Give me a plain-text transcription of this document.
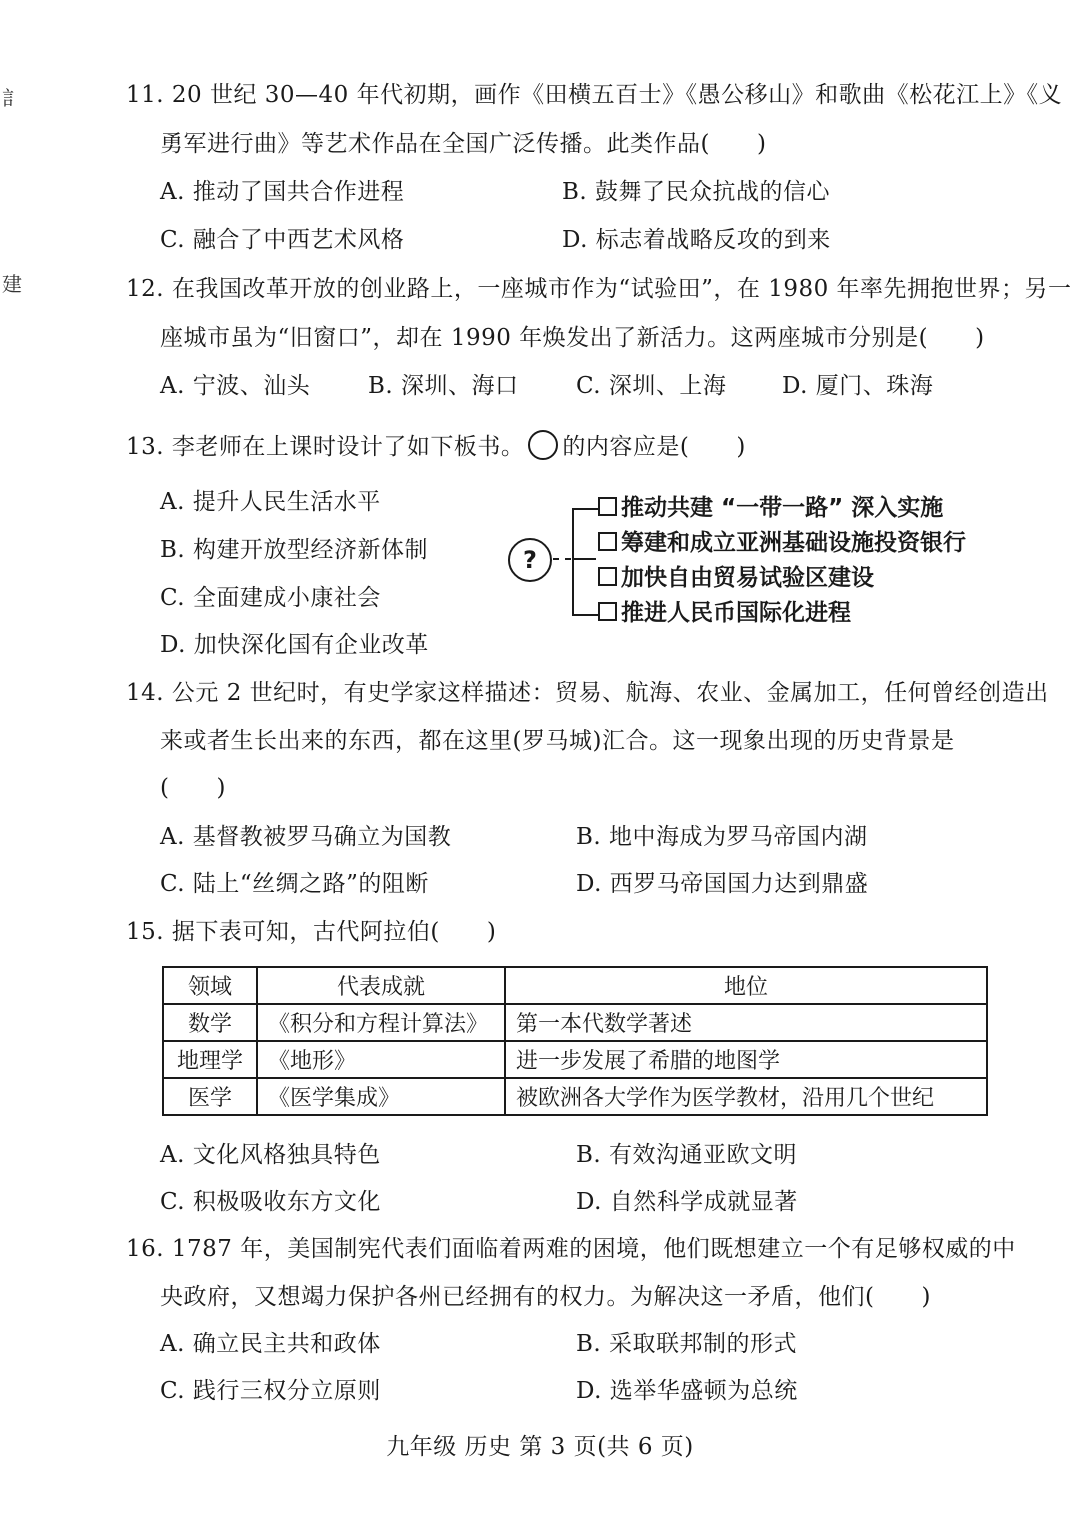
訁
建
11. 20 世纪 30—40 年代初期，画作《田横五百士》《愚公移山》和歌曲《松花江上》《义
勇军进行曲》等艺术作品在全国广泛传播。此类作品(　　)
A. 推动了国共合作进程	B. 鼓舞了民众抗战的信心
C. 融合了中西艺术风格	D. 标志着战略反攻的到来
12. 在我国改革开放的创业路上，一座城市作为“试验田”，在 1980 年率先拥抱世界；另一
座城市虽为“旧窗口”，却在 1990 年焕发出了新活力。这两座城市分别是(　　)
A. 宁波、汕头	B. 深圳、海口 C. 深圳、上海 D. 厦门、珠海
13. 李老师在上课时设计了如下板书。 的内容应是(　　)
A. 提升人民生活水平
B. 构建开放型经济新体制
C. 全面建成小康社会
D. 加快深化国有企业改革
?
推动共建 “一带一路” 深入实施
筹建和成立亚洲基础设施投资银行
加快自由贸易试验区建设
推进人民币国际化进程
14. 公元 2 世纪时，有史学家这样描述：贸易、航海、农业、金属加工，任何曾经创造出
来或者生长出来的东西，都在这里(罗马城)汇合。这一现象出现的历史背景是
(　　)
A. 基督教被罗马确立为国教	B. 地中海成为罗马帝国内湖
C. 陆上“丝绸之路”的阻断	D. 西罗马帝国国力达到鼎盛
15. 据下表可知，古代阿拉伯(　　)
领域	代表成就	地位
数学	《积分和方程计算法》	第一本代数学著述
地理学	《地形》	进一步发展了希腊的地图学
医学	《医学集成》	被欧洲各大学作为医学教材，沿用几个世纪
A. 文化风格独具特色	B. 有效沟通亚欧文明
C. 积极吸收东方文化	D. 自然科学成就显著
16. 1787 年，美国制宪代表们面临着两难的困境，他们既想建立一个有足够权威的中
央政府，又想竭力保护各州已经拥有的权力。为解决这一矛盾，他们(　　)
A. 确立民主共和政体	B. 采取联邦制的形式
C. 践行三权分立原则	D. 选举华盛顿为总统
九年级 历史 第 3 页(共 6 页)
